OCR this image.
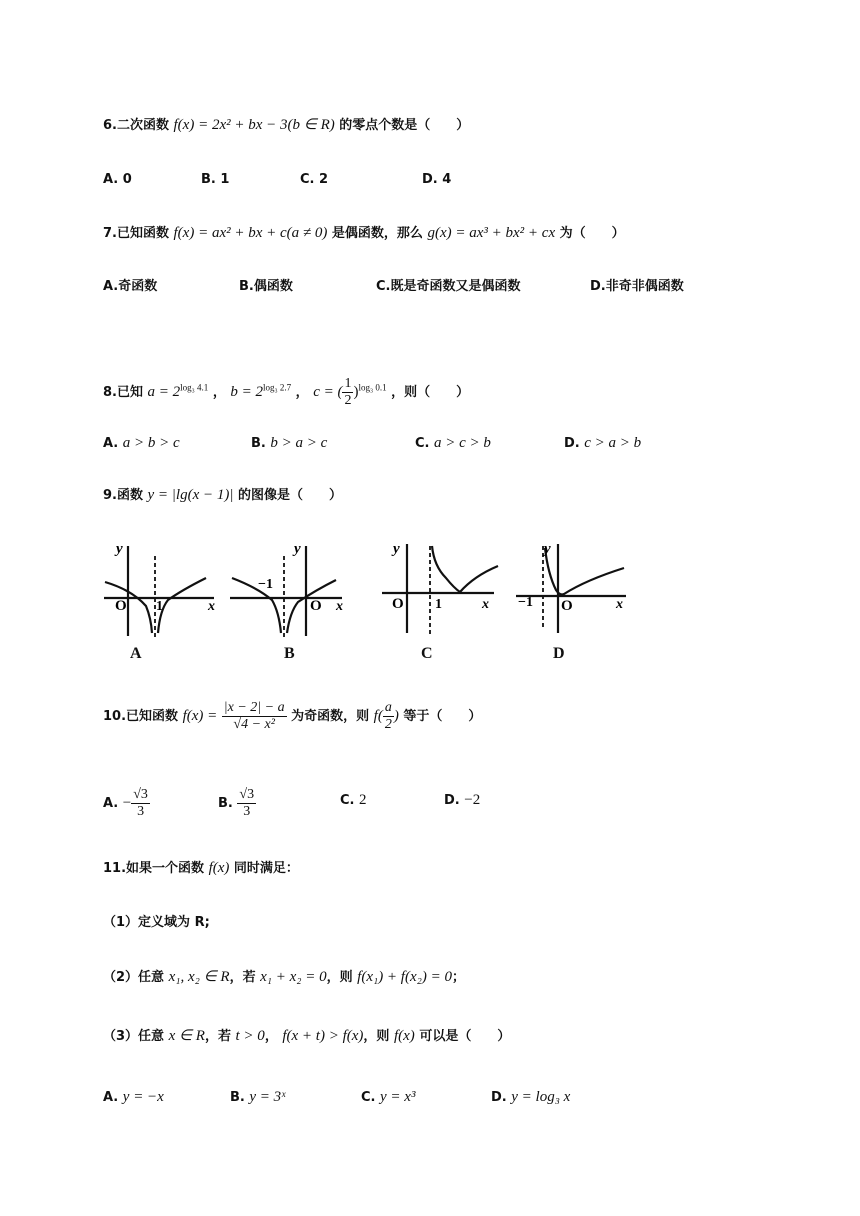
6.二次函数 f(x) = 2x² + bx − 3(b ∈ R) 的零点个数是（　　）
A. 0	B. 1	C. 2	D. 4
7.已知函数 f(x) = ax² + bx + c(a ≠ 0) 是偶函数，那么 g(x) = ax³ + bx² + cx 为（　　）
A.奇函数	B.偶函数	C.既是奇函数又是偶函数	D.非奇非偶函数
8.已知 $a = 2^{log_3 4.1}$ ， $b = 2^{log_3 2.7}$ ， c = ( $\frac{1}{2} )^{log_3 0.1}$ ，则（　　）
A. a > b > c	B. b > a > c	C. a > c > b	D. c > a > b
9.函数 y = |lg(x − 1)| 的图像是（　　）
y
x
O 1
A
y
x
−1
O
B
y
x
O 1
C
y
x
−1 O
D
10.已知函数 $f(x) = \frac{|x - 2| - a}{\text{√4 − x²}}$ 为奇函数，则 $f( \frac{a}{2}$ ) 等于（　　）
A. − $\frac{√3}{3}$	B. $\frac{√3}{3}$	C. 2	D. −2
11.如果一个函数 f(x) 同时满足：
（1）定义域为 R;
（2）任意 x₁, x₂ ∈ R，若 x₁ + x₂ = 0，则 f(x₁) + f(x₂) = 0；
（3）任意 x ∈ R，若 t > 0， f(x + t) > f(x)，则 f(x) 可以是（　　）
A. y = −x	B. y = 3ˣ	C. y = x³	D. y = log₃ x
